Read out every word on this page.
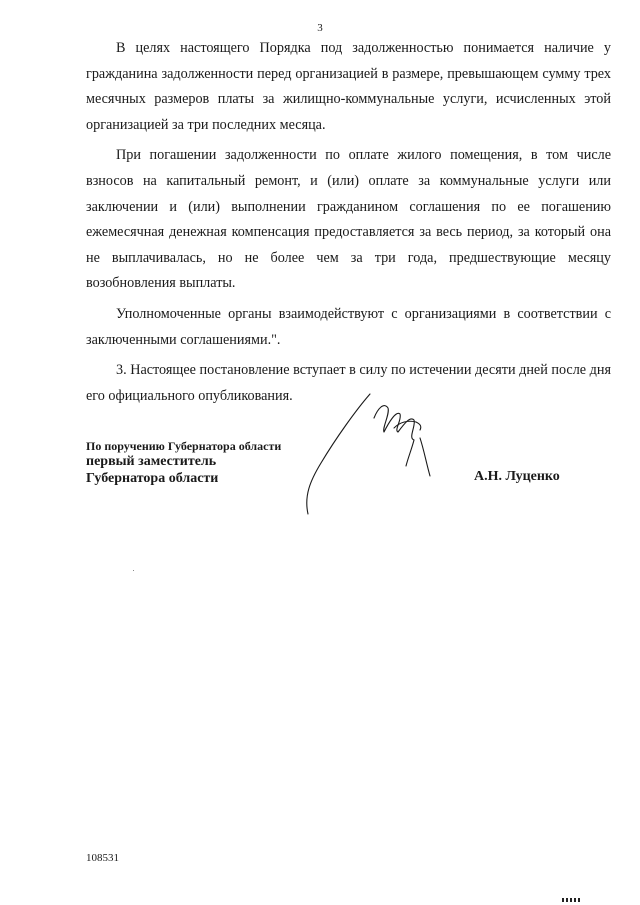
3

В целях настоящего Порядка под задолженностью понимается наличие у гражданина задолженности перед организацией в размере, превышающем сумму трех месячных размеров платы за жилищно-коммунальные услуги, исчисленных этой организацией за три последних месяца.

При погашении задолженности по оплате жилого помещения, в том числе взносов на капитальный ремонт, и (или) оплате за коммунальные услуги или заключении и (или) выполнении гражданином соглашения по ее погашению ежемесячная денежная компенсация предоставляется за весь период, за который она не выплачивалась, но не более чем за три года, предшествующие месяцу возобновления выплаты.

Уполномоченные органы взаимодействуют с организациями в соответствии с заключенными соглашениями.".

3. Настоящее постановление вступает в силу по истечении десяти дней после дня его официального опубликования.

По поручению Губернатора области
первый заместитель
Губернатора области	А.Н. Луценко
108531
